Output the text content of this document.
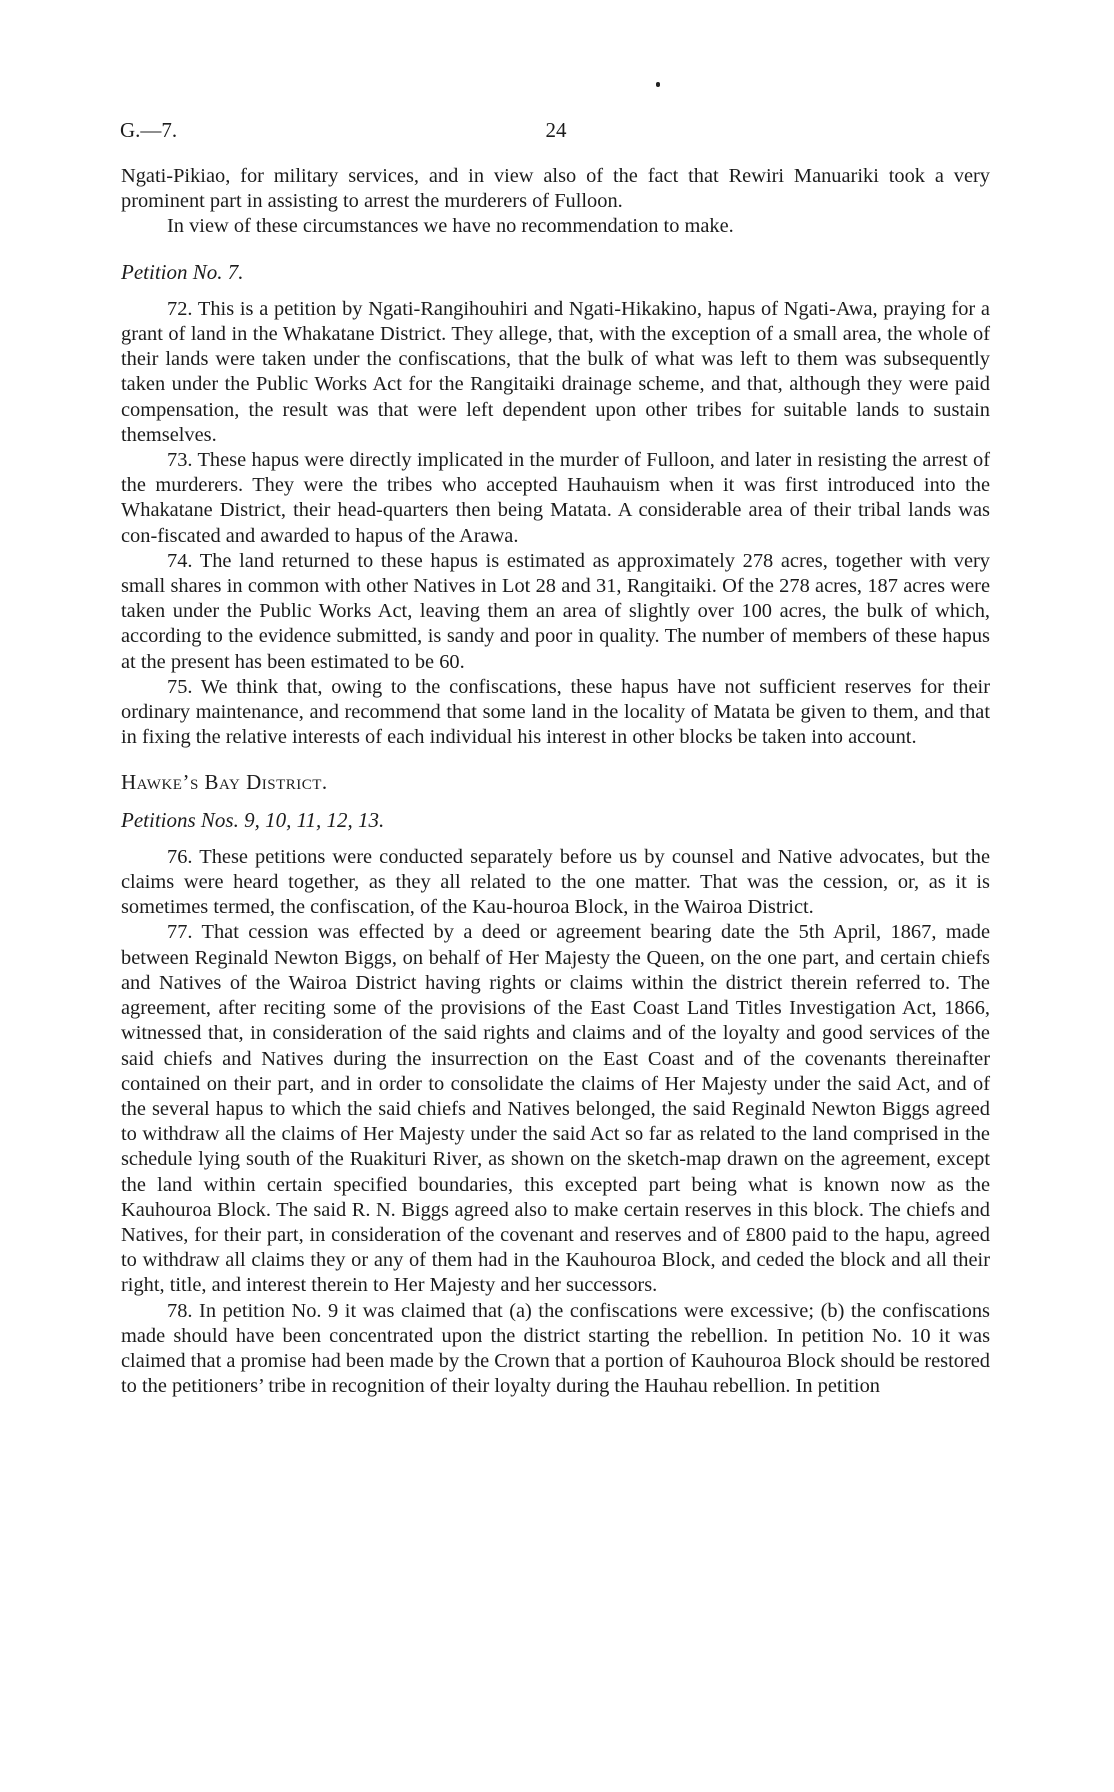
G.—7.	24

Ngati-Pikiao, for military services, and in view also of the fact that Rewiri Manuariki took a very prominent part in assisting to arrest the murderers of Fulloon.

In view of these circumstances we have no recommendation to make.

Petition No. 7.

72. This is a petition by Ngati-Rangihouhiri and Ngati-Hikakino, hapus of Ngati-Awa, praying for a grant of land in the Whakatane District. They allege, that, with the exception of a small area, the whole of their lands were taken under the confiscations, that the bulk of what was left to them was subsequently taken under the Public Works Act for the Rangitaiki drainage scheme, and that, although they were paid compensation, the result was that were left dependent upon other tribes for suitable lands to sustain themselves.

73. These hapus were directly implicated in the murder of Fulloon, and later in resisting the arrest of the murderers. They were the tribes who accepted Hauhauism when it was first introduced into the Whakatane District, their head-quarters then being Matata. A considerable area of their tribal lands was con-fiscated and awarded to hapus of the Arawa.

74. The land returned to these hapus is estimated as approximately 278 acres, together with very small shares in common with other Natives in Lot 28 and 31, Rangitaiki. Of the 278 acres, 187 acres were taken under the Public Works Act, leaving them an area of slightly over 100 acres, the bulk of which, according to the evidence submitted, is sandy and poor in quality. The number of members of these hapus at the present has been estimated to be 60.

75. We think that, owing to the confiscations, these hapus have not sufficient reserves for their ordinary maintenance, and recommend that some land in the locality of Matata be given to them, and that in fixing the relative interests of each individual his interest in other blocks be taken into account.

Hawke’s Bay District.

Petitions Nos. 9, 10, 11, 12, 13.

76. These petitions were conducted separately before us by counsel and Native advocates, but the claims were heard together, as they all related to the one matter. That was the cession, or, as it is sometimes termed, the confiscation, of the Kau-houroa Block, in the Wairoa District.

77. That cession was effected by a deed or agreement bearing date the 5th April, 1867, made between Reginald Newton Biggs, on behalf of Her Majesty the Queen, on the one part, and certain chiefs and Natives of the Wairoa District having rights or claims within the district therein referred to. The agreement, after reciting some of the provisions of the East Coast Land Titles Investigation Act, 1866, witnessed that, in consideration of the said rights and claims and of the loyalty and good services of the said chiefs and Natives during the insurrection on the East Coast and of the covenants thereinafter contained on their part, and in order to consolidate the claims of Her Majesty under the said Act, and of the several hapus to which the said chiefs and Natives belonged, the said Reginald Newton Biggs agreed to withdraw all the claims of Her Majesty under the said Act so far as related to the land comprised in the schedule lying south of the Ruakituri River, as shown on the sketch-map drawn on the agreement, except the land within certain specified boundaries, this excepted part being what is known now as the Kauhouroa Block. The said R. N. Biggs agreed also to make certain reserves in this block. The chiefs and Natives, for their part, in consideration of the covenant and reserves and of £800 paid to the hapu, agreed to withdraw all claims they or any of them had in the Kauhouroa Block, and ceded the block and all their right, title, and interest therein to Her Majesty and her successors.

78. In petition No. 9 it was claimed that (a) the confiscations were excessive; (b) the confiscations made should have been concentrated upon the district starting the rebellion. In petition No. 10 it was claimed that a promise had been made by the Crown that a portion of Kauhouroa Block should be restored to the petitioners’ tribe in recognition of their loyalty during the Hauhau rebellion. In petition
